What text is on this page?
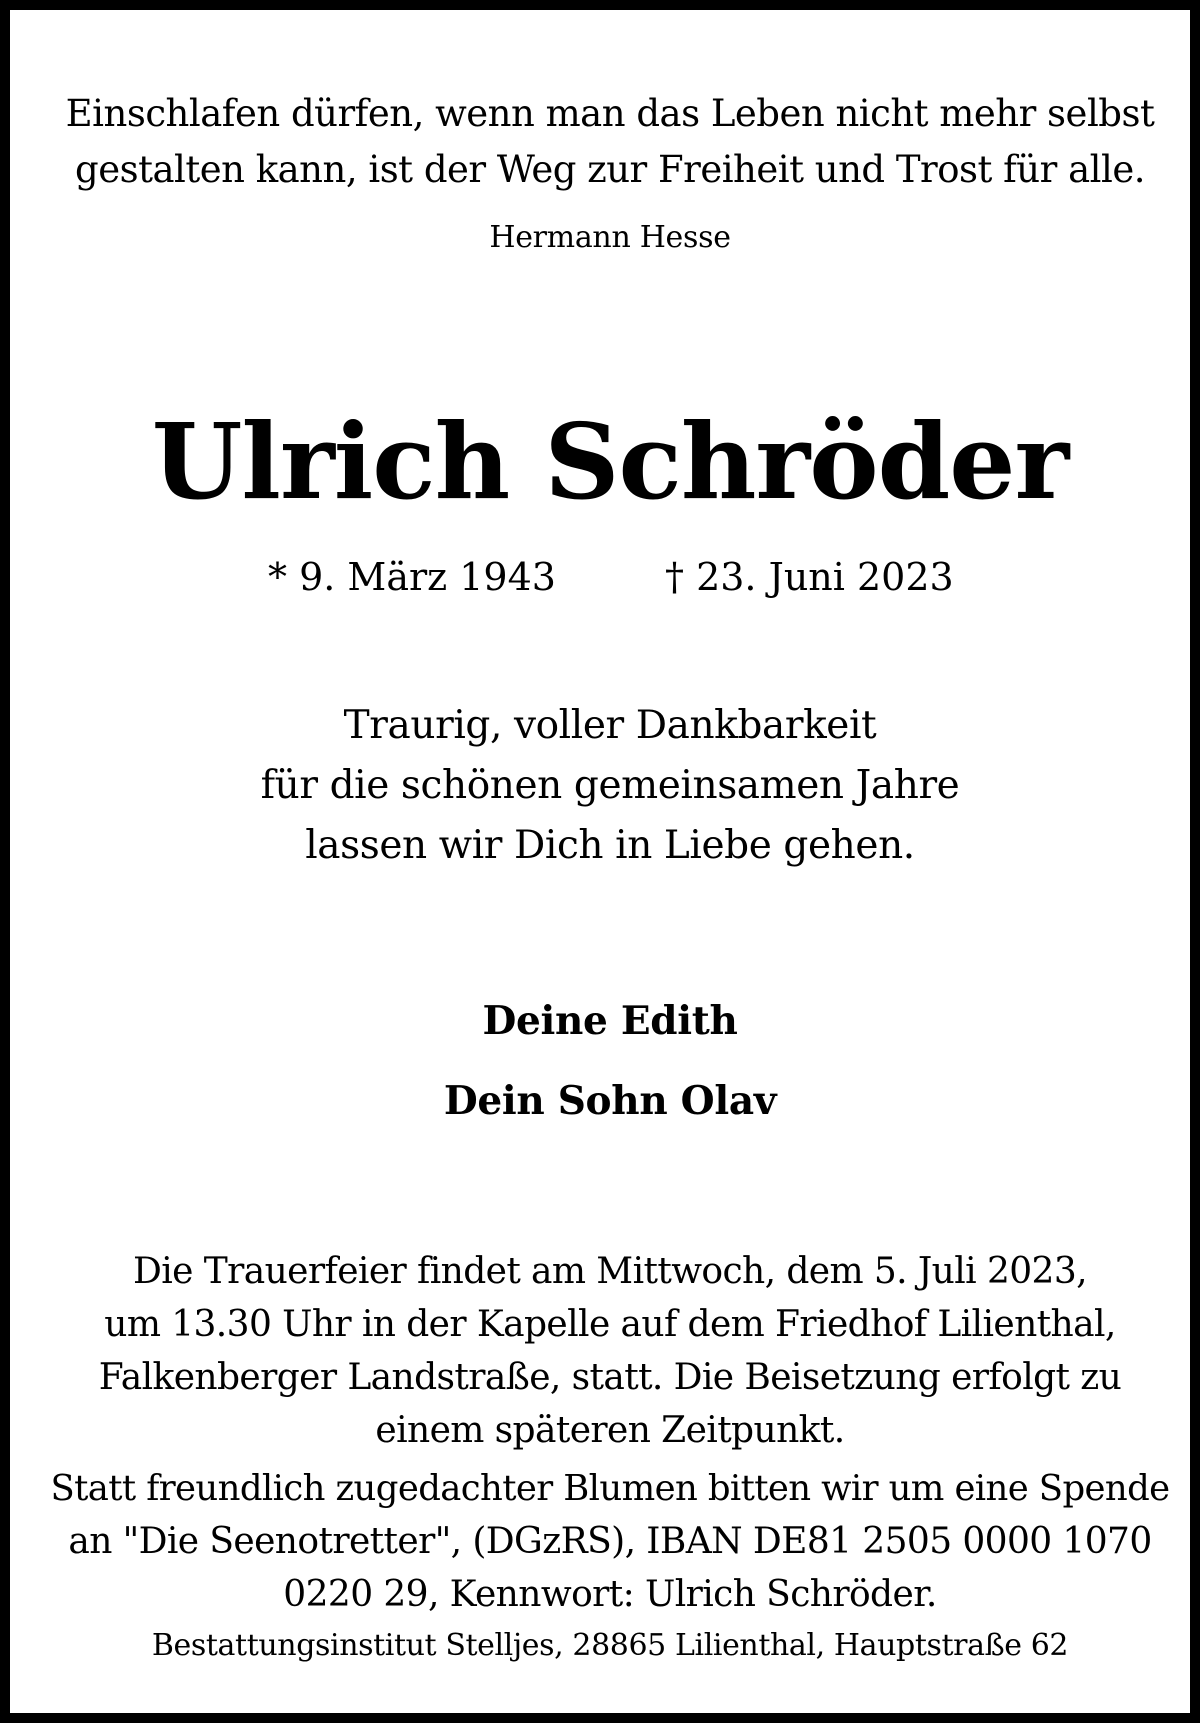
Einschlafen dürfen, wenn man das Leben nicht mehr selbst
gestalten kann, ist der Weg zur Freiheit und Trost für alle.
Hermann Hesse
Ulrich Schröder
* 9. März 1943	† 23. Juni 2023
Traurig, voller Dankbarkeit
für die schönen gemeinsamen Jahre
lassen wir Dich in Liebe gehen.
Deine Edith
Dein Sohn Olav
Die Trauerfeier findet am Mittwoch, dem 5. Juli 2023,
um 13.30 Uhr in der Kapelle auf dem Friedhof Lilienthal,
Falkenberger Landstraße, statt. Die Beisetzung erfolgt zu
einem späteren Zeitpunkt.
Statt freundlich zugedachter Blumen bitten wir um eine Spende
an "Die Seenotretter", (DGzRS), IBAN DE81 2505 0000 1070
0220 29, Kennwort: Ulrich Schröder.
Bestattungsinstitut Stelljes, 28865 Lilienthal, Hauptstraße 62
